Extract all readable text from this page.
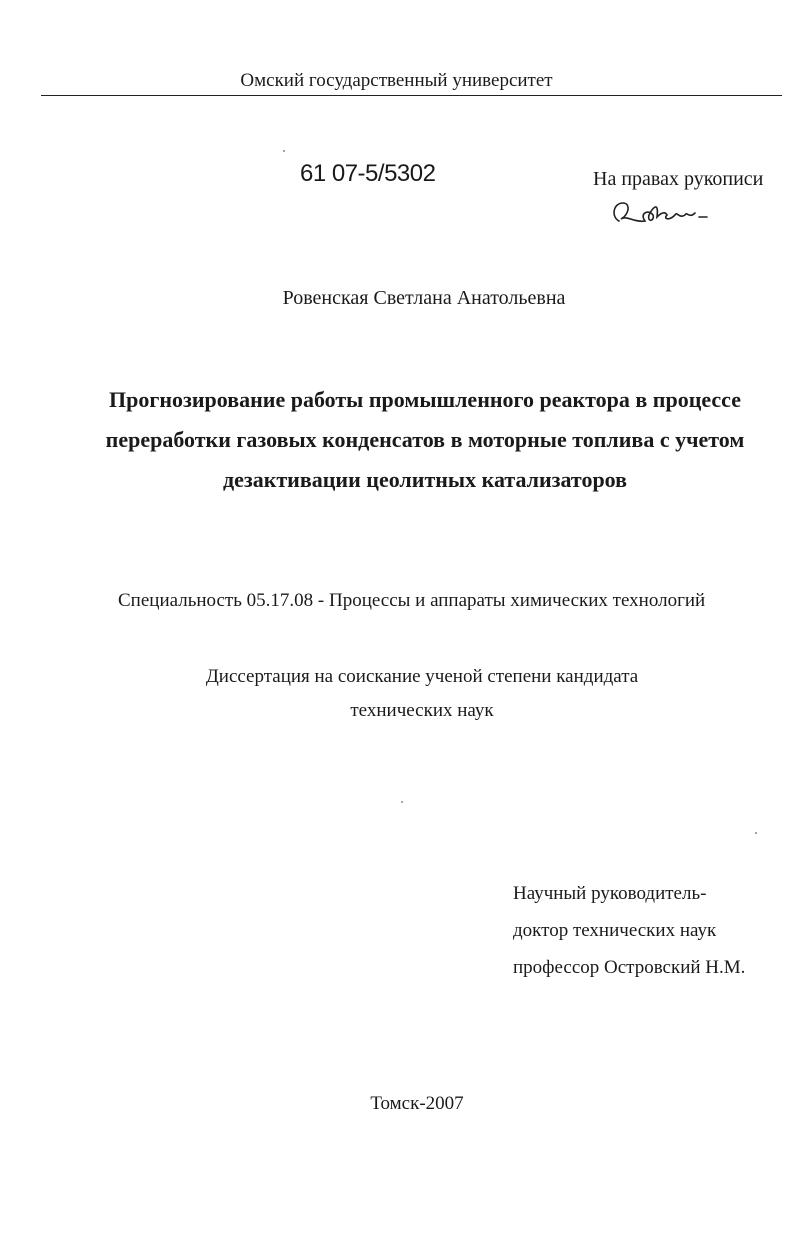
Омский государственный университет
61 07-5/5302	На правах рукописи
Ровенская Светлана Анатольевна
Прогнозирование работы промышленного реактора в процессе
переработки газовых конденсатов в моторные топлива с учетом
дезактивации цеолитных катализаторов
Специальность 05.17.08 - Процессы и аппараты химических технологий
Диссертация на соискание ученой степени кандидата
технических наук
Научный руководитель-
доктор технических наук
профессор Островский Н.М.
Томск-2007
